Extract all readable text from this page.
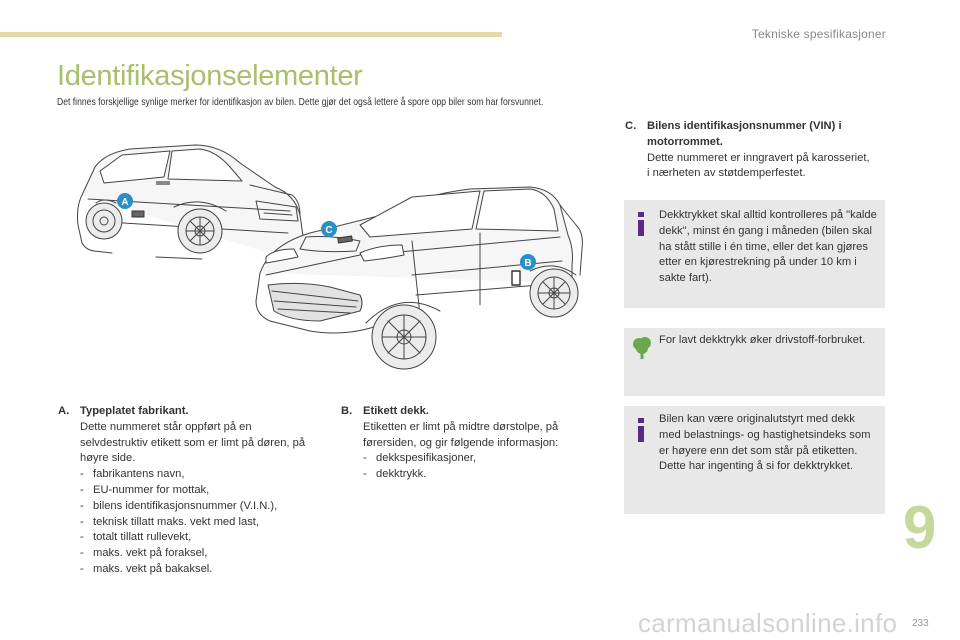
Tekniske spesifikasjoner
Identifikasjonselementer
Det finnes forskjellige synlige merker for identifikasjon av bilen. Dette gjør det også lettere å spore opp biler som har forsvunnet.
A
B
C
A. Typeplatet fabrikant.
Dette nummeret står oppført på en selvdestruktiv etikett som er limt på døren, på høyre side.
- fabrikantens navn,
- EU-nummer for mottak,
- bilens identifikasjonsnummer (V.I.N.),
- teknisk tillatt maks. vekt med last,
- totalt tillatt rullevekt,
- maks. vekt på foraksel,
- maks. vekt på bakaksel.
B. Etikett dekk.
Etiketten er limt på midtre dørstolpe, på førersiden, og gir følgende informasjon:
- dekkspesifikasjoner,
- dekktrykk.
C. Bilens identifikasjonsnummer (VIN) i motorrommet.
Dette nummeret er inngravert på karosseriet, i nærheten av støtdemperfestet.
Dekktrykket skal alltid kontrolleres på "kalde dekk", minst én gang i måneden (bilen skal ha stått stille i én time, eller det kan gjøres etter en kjørestrekning på under 10 km i sakte fart).
For lavt dekktrykk øker drivstoff-forbruket.
Bilen kan være originalutstyrt med dekk med belastnings- og hastighetsindeks som er høyere enn det som står på etiketten. Dette har ingenting å si for dekktrykket.
9
carmanualsonline.info 233
